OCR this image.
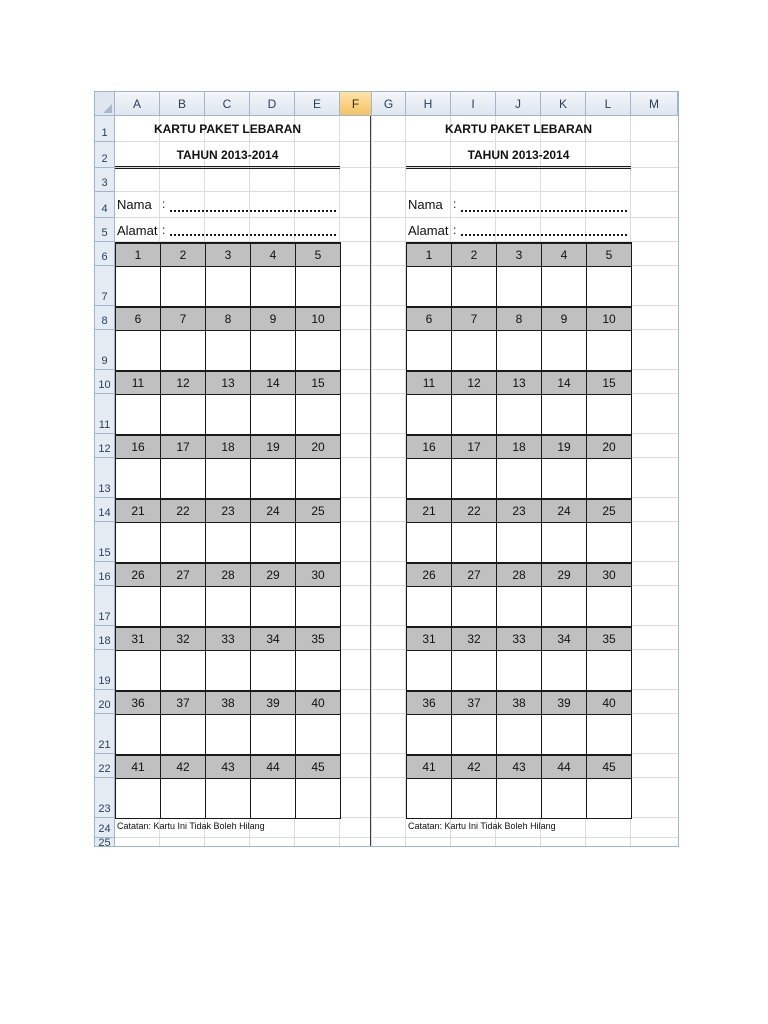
A	B	C	D	E	F	G	H	I	J	K	L	M
1
2
3
4
5
6
7
8
9
10
11
12
13
14
15
16
17
18
19
20
21
22
23
24
25
KARTU PAKET LEBARAN
TAHUN 2013-2014
Nama :
Alamat :
1	2	3	4	5
6	7	8	9	10
11	12	13	14	15
16	17	18	19	20
21	22	23	24	25
26	27	28	29	30
31	32	33	34	35
36	37	38	39	40
41	42	43	44	45
Catatan: Kartu Ini Tidak Boleh Hilang
KARTU PAKET LEBARAN
TAHUN 2013-2014
Nama :
Alamat :
1	2	3	4	5
6	7	8	9	10
11	12	13	14	15
16	17	18	19	20
21	22	23	24	25
26	27	28	29	30
31	32	33	34	35
36	37	38	39	40
41	42	43	44	45
Catatan: Kartu Ini Tidak Boleh Hilang
